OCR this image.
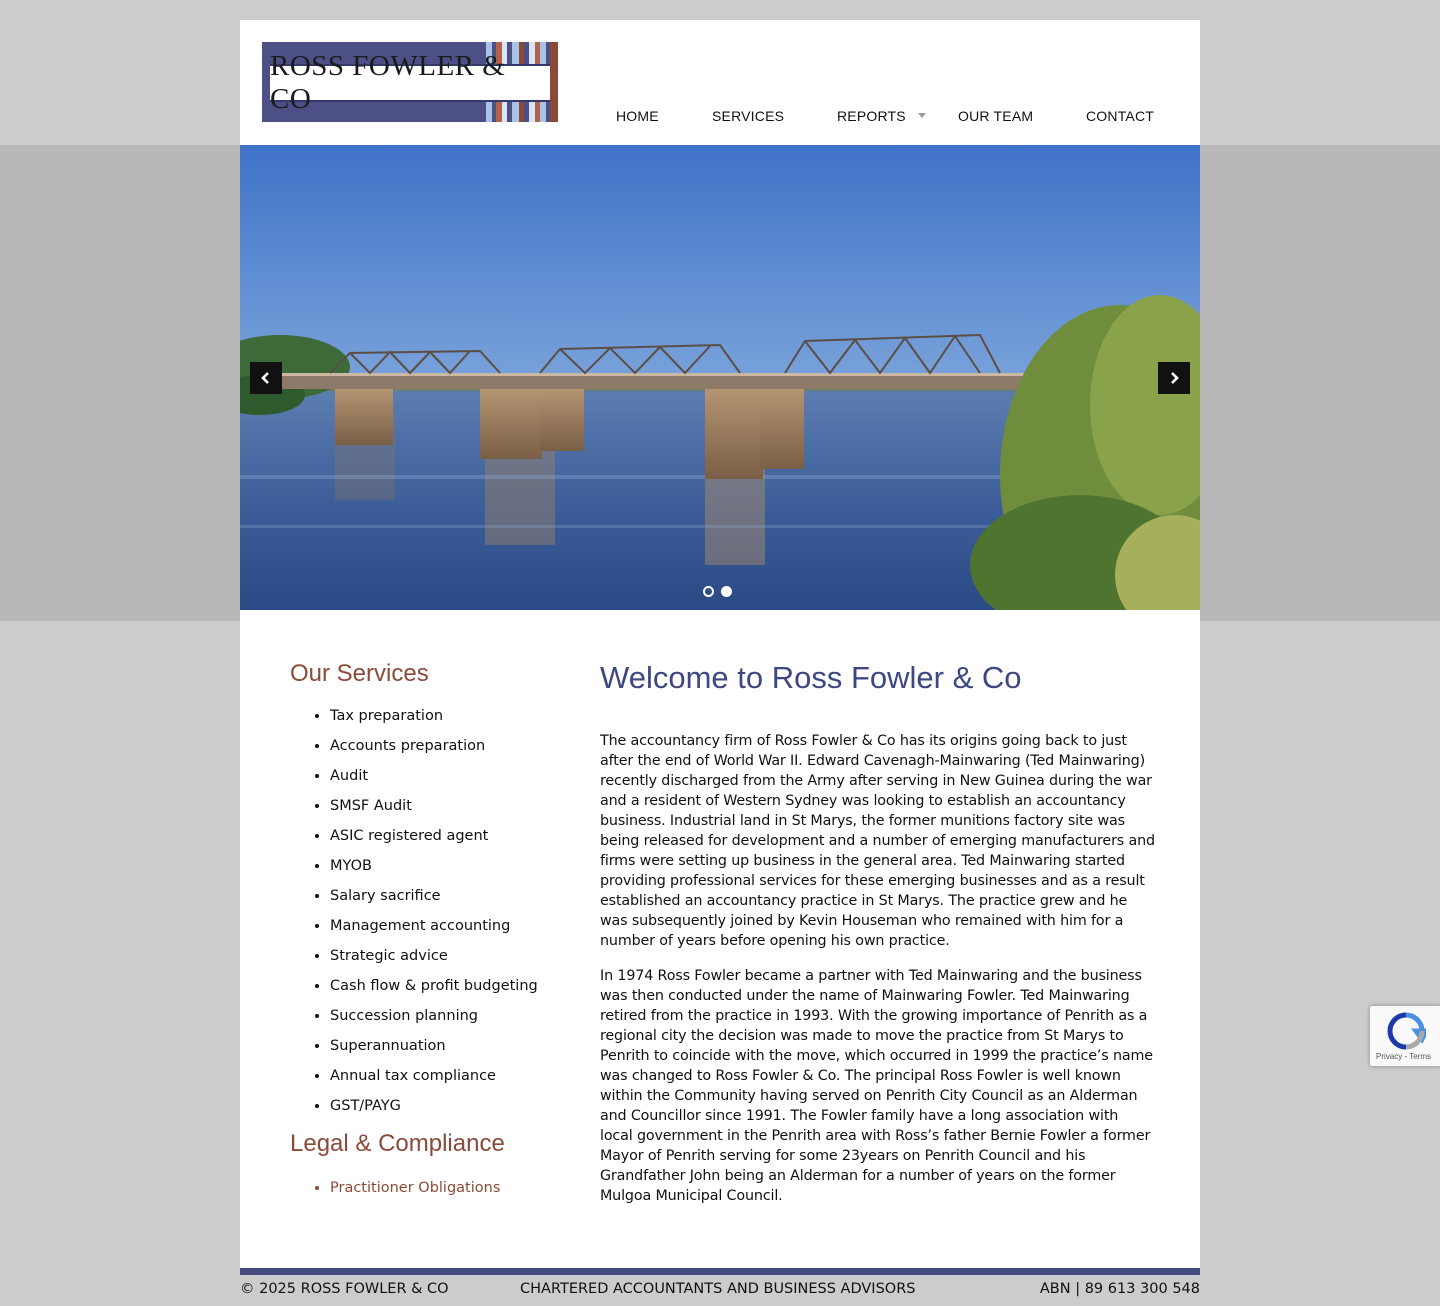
ROSS FOWLER & CO
HOME	SERVICES	REPORTS	OUR TEAM	CONTACT
Our Services
• Tax preparation
• Accounts preparation
• Audit
• SMSF Audit
• ASIC registered agent
• MYOB
• Salary sacrifice
• Management accounting
• Strategic advice
• Cash flow & profit budgeting
• Succession planning
• Superannuation
• Annual tax compliance
• GST/PAYG
Legal & Compliance
• Practitioner Obligations
Welcome to Ross Fowler & Co

The accountancy firm of Ross Fowler & Co has its origins going back to just after the end of World War II. Edward Cavenagh-Mainwaring (Ted Mainwaring) recently discharged from the Army after serving in New Guinea during the war and a resident of Western Sydney was looking to establish an accountancy business. Industrial land in St Marys, the former munitions factory site was being released for development and a number of emerging manufacturers and firms were setting up business in the general area. Ted Mainwaring started providing professional services for these emerging businesses and as a result established an accountancy practice in St Marys. The practice grew and he was subsequently joined by Kevin Houseman who remained with him for a number of years before opening his own practice.

In 1974 Ross Fowler became a partner with Ted Mainwaring and the business was then conducted under the name of Mainwaring Fowler. Ted Mainwaring retired from the practice in 1993. With the growing importance of Penrith as a regional city the decision was made to move the practice from St Marys to Penrith to coincide with the move, which occurred in 1999 the practice’s name was changed to Ross Fowler & Co. The principal Ross Fowler is well known within the Community having served on Penrith City Council as an Alderman and Councillor since 1991. The Fowler family have a long association with local government in the Penrith area with Ross’s father Bernie Fowler a former Mayor of Penrith serving for some 23years on Penrith Council and his Grandfather John being an Alderman for a number of years on the former Mulgoa Municipal Council.

© 2025 ROSS FOWLER & CO	CHARTERED ACCOUNTANTS AND BUSINESS ADVISORS	ABN | 89 613 300 548
Privacy - Terms
